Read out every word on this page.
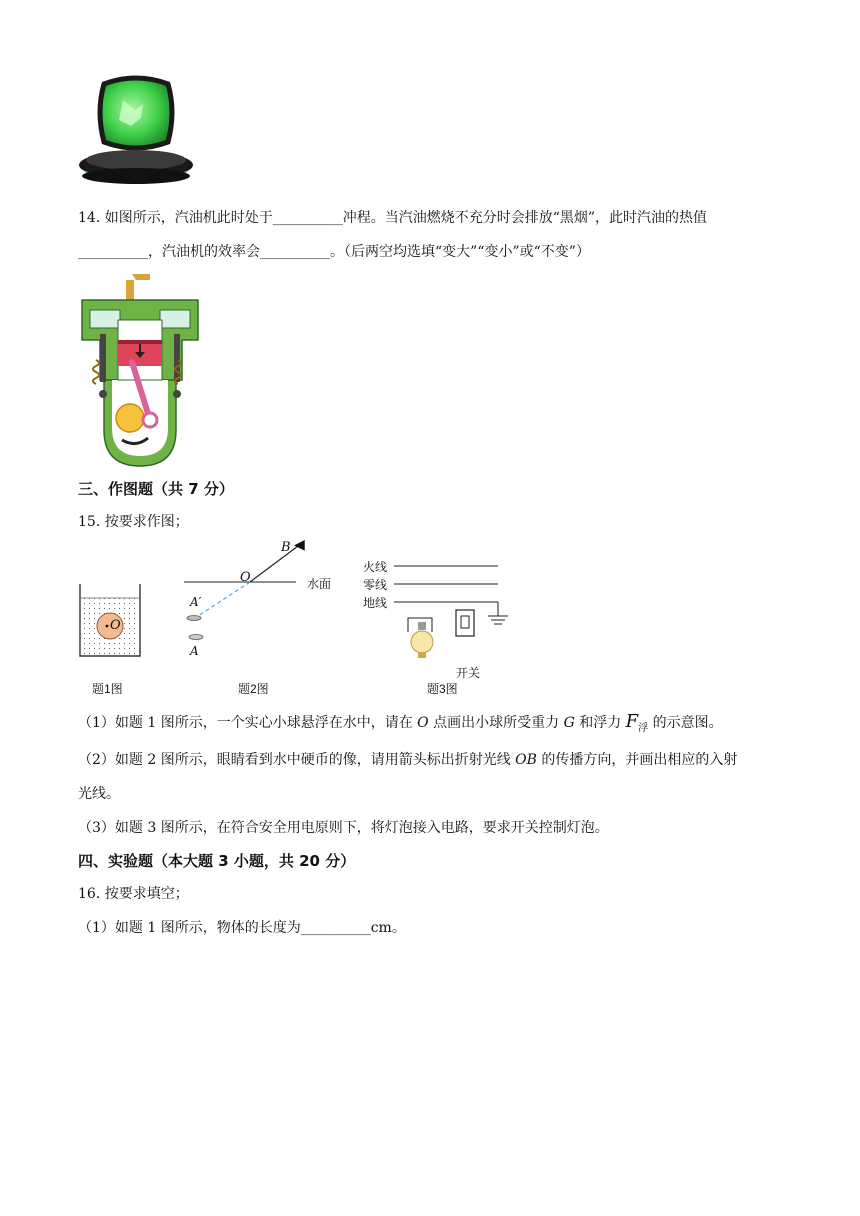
14. 如图所示，汽油机此时处于__________冲程。当汽油燃烧不充分时会排放“黑烟”，此时汽油的热值
__________，汽油机的效率会__________。（后两空均选填“变大”“变小”或“不变”）
三、作图题（共 7 分）
15. 按要求作图；
O
题1图
◀
B
O	水面
A′
A
题2图
火线
零线
地线
开关
题3图
（1）如题 1 图所示，一个实心小球悬浮在水中，请在 O 点画出小球所受重力 G 和浮力 $F_浮$ 的示意图。
（2）如题 2 图所示，眼睛看到水中硬币的像，请用箭头标出折射光线 OB 的传播方向，并画出相应的入射
光线。
（3）如题 3 图所示，在符合安全用电原则下，将灯泡接入电路，要求开关控制灯泡。
四、实验题（本大题 3 小题，共 20 分）
16. 按要求填空；
（1）如题 1 图所示，物体的长度为__________cm。
